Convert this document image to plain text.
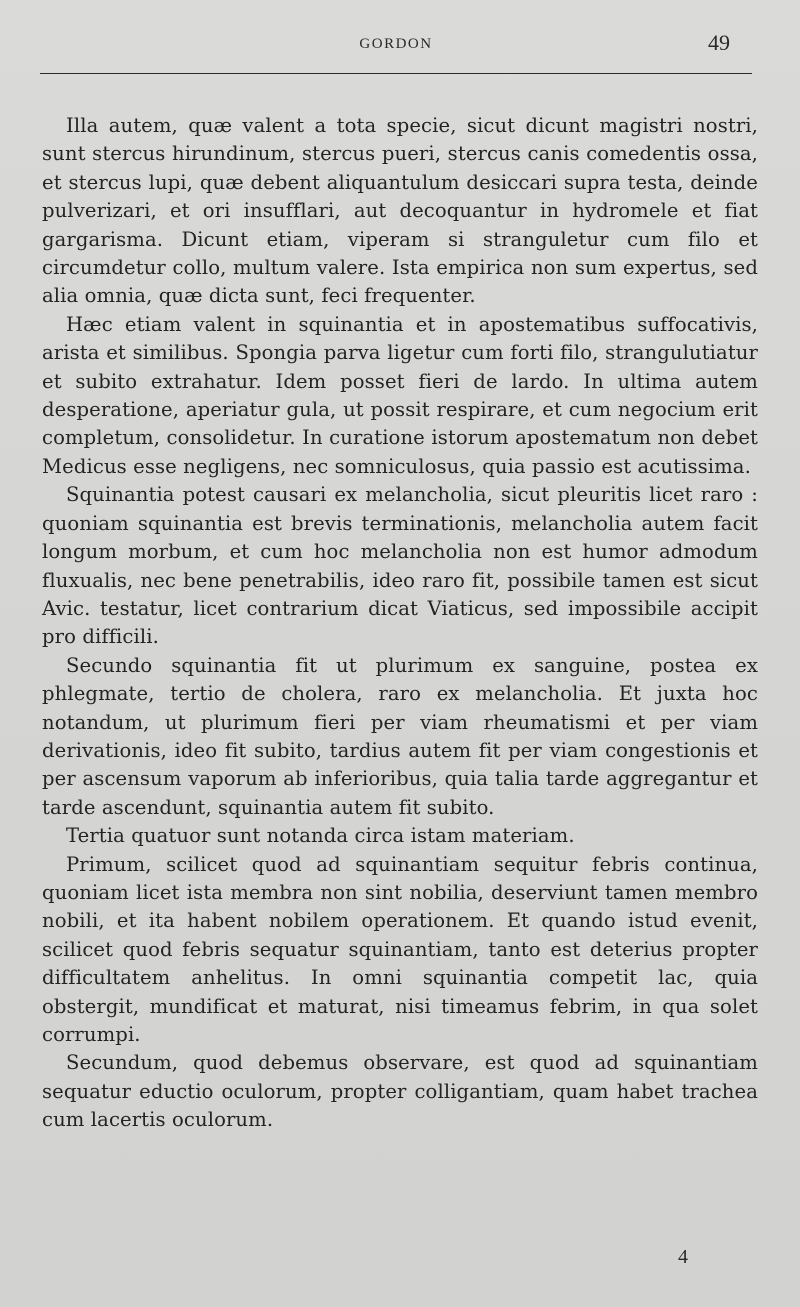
GORDON	49

Illa autem, quæ valent a tota specie, sicut dicunt magistri nostri, sunt stercus hirundinum, stercus pueri, stercus canis comedentis ossa, et stercus lupi, quæ debent aliquantulum desiccari supra testa, deinde pulverizari, et ori insufflari, aut decoquantur in hydromele et fiat gargarisma. Dicunt etiam, viperam si stranguletur cum filo et circumdetur collo, multum valere. Ista empirica non sum expertus, sed alia omnia, quæ dicta sunt, feci frequenter.

Hæc etiam valent in squinantia et in apostematibus suffocativis, arista et similibus. Spongia parva ligetur cum forti filo, strangulutiatur et subito extrahatur. Idem posset fieri de lardo. In ultima autem desperatione, aperiatur gula, ut possit respirare, et cum negocium erit completum, consolidetur. In curatione istorum apostematum non debet Medicus esse negligens, nec somniculosus, quia passio est acutissima.

Squinantia potest causari ex melancholia, sicut pleuritis licet raro : quoniam squinantia est brevis terminationis, melancholia autem facit longum morbum, et cum hoc melancholia non est humor admodum fluxualis, nec bene penetrabilis, ideo raro fit, possibile tamen est sicut Avic. testatur, licet contrarium dicat Viaticus, sed impossibile accipit pro difficili.

Secundo squinantia fit ut plurimum ex sanguine, postea ex phlegmate, tertio de cholera, raro ex melancholia. Et juxta hoc notandum, ut plurimum fieri per viam rheumatismi et per viam derivationis, ideo fit subito, tardius autem fit per viam congestionis et per ascensum vaporum ab inferioribus, quia talia tarde aggregantur et tarde ascendunt, squinantia autem fit subito.

Tertia quatuor sunt notanda circa istam materiam.

Primum, scilicet quod ad squinantiam sequitur febris continua, quoniam licet ista membra non sint nobilia, deserviunt tamen membro nobili, et ita habent nobilem operationem. Et quando istud evenit, scilicet quod febris sequatur squinantiam, tanto est deterius propter difficultatem anhelitus. In omni squinantia competit lac, quia obstergit, mundificat et maturat, nisi timeamus febrim, in qua solet corrumpi.

Secundum, quod debemus observare, est quod ad squinantiam sequatur eductio oculorum, propter colligantiam, quam habet trachea cum lacertis oculorum.

4
